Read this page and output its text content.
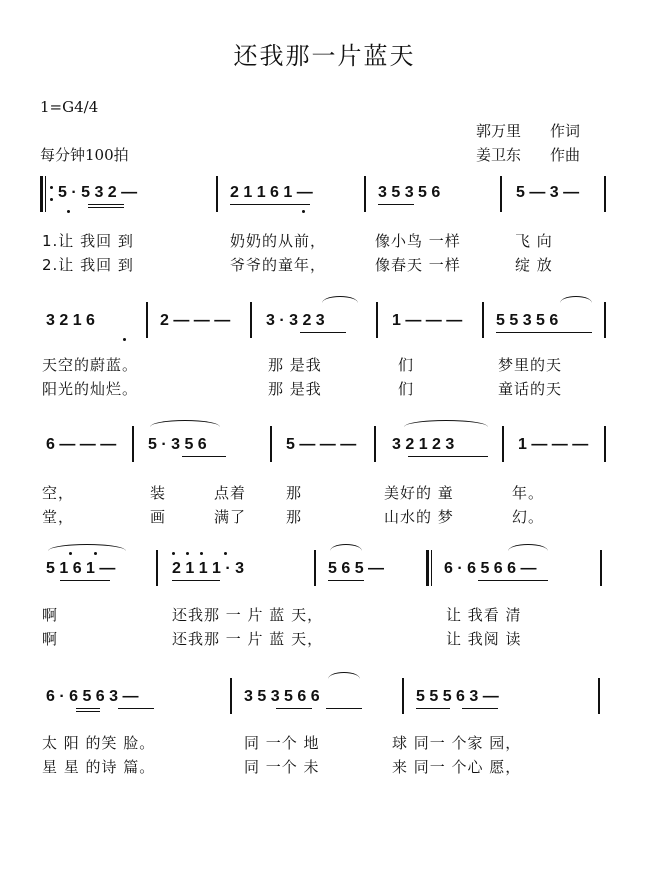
还我那一片蓝天
1=G4/4
每分钟100拍
郭万里 作词
姜卫东 作曲
5 · 5 3 2 —	2 1 1 6 1 —	3 5 3 5 6	5 — 3 —
1.让 我回 到	奶奶的从前，	像小鸟 一样	飞 向
2.让 我回 到	爷爷的童年，	像春天 一样	绽 放
3 2 1 6	2 — — — 3 · 3 2 3	1 — — — 5 5 3 5 6
天空的蔚蓝。	那 是我	们	梦里的天
阳光的灿烂。	那 是我	们	童话的天
6 — — — 5 · 3 5 6	5 — — — 3 2 1 2 3	1 — — —
空，	装	点着	那	美好的 童	年。
堂，	画	满了	那	山水的 梦	幻。
5 1 6 1 —	2 1 1 1 · 3	5 6 5 —	6 · 6 5 6 6 —
啊	还我那 一 片 蓝 天，	让 我看 清
啊	还我那 一 片 蓝 天，	让 我阅 读
6 · 6 5 6 3 —	3 5 3 5 6 6	5 5 5 6 3 —
太 阳 的笑 脸。	同 一个 地	球 同一 个家 园，
星 星 的诗 篇。	同 一个 未	来 同一 个心 愿，
